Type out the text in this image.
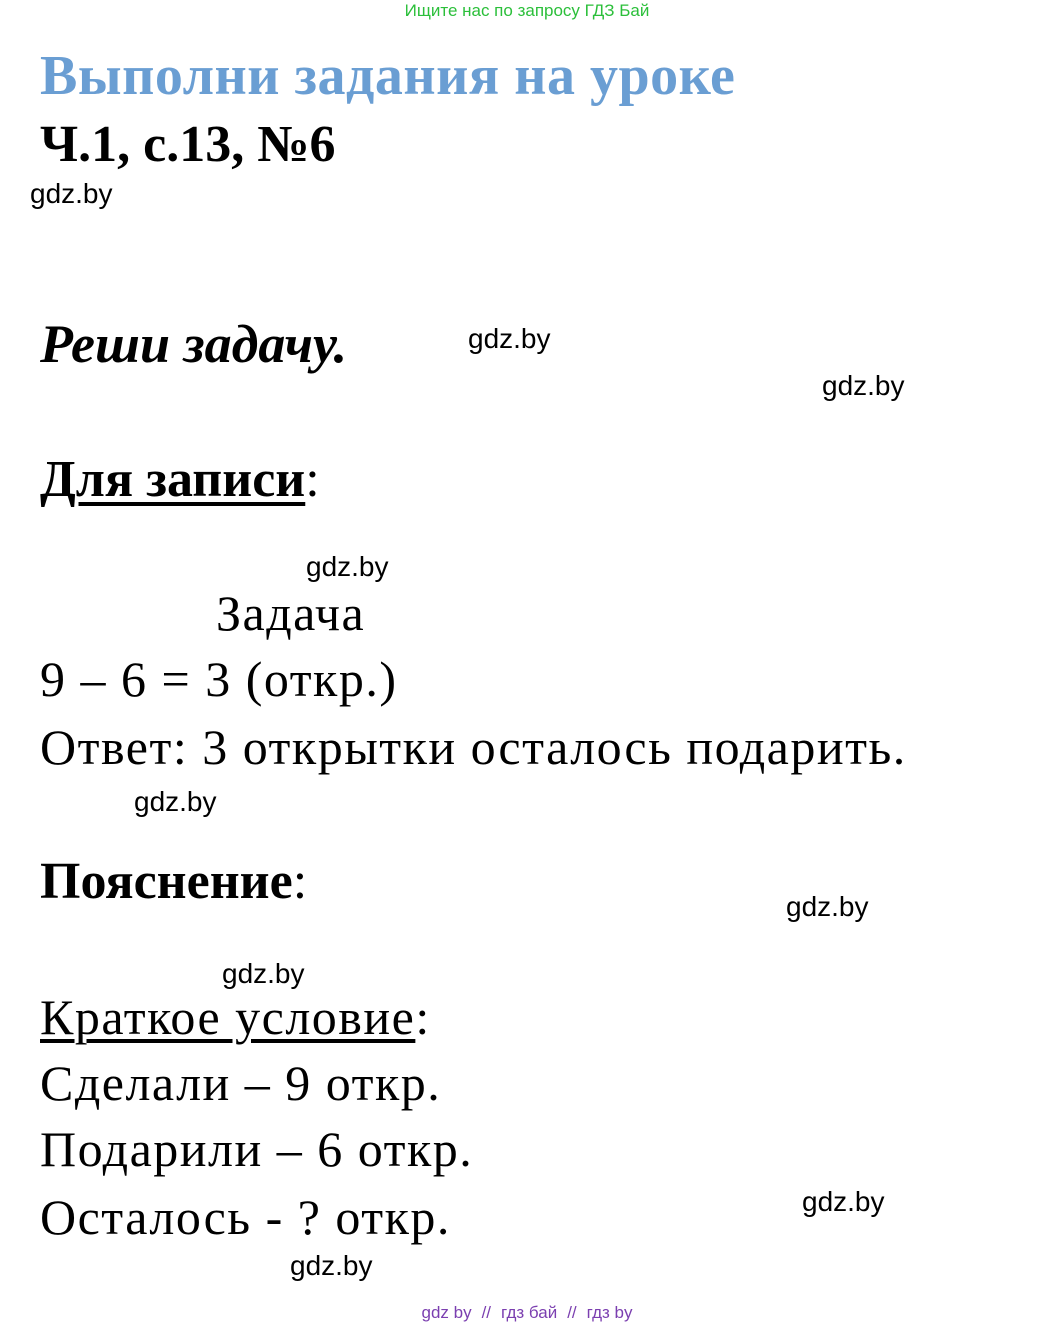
Ищите нас по запросу ГДЗ Бай
Выполни задания на уроке
Ч.1, с.13, №6
gdz.by
Реши задачу.	gdz.by
gdz.by
Для записи:
gdz.by
Задача
9 – 6 = 3 (откр.)
Ответ: 3 открытки осталось подарить.
gdz.by
Пояснение:	gdz.by
gdz.by
Краткое условие:
Сделали – 9 откр.
Подарили – 6 откр.
Осталось - ? откр.	gdz.by
gdz.by
gdz by // гдз бай // гдз by
